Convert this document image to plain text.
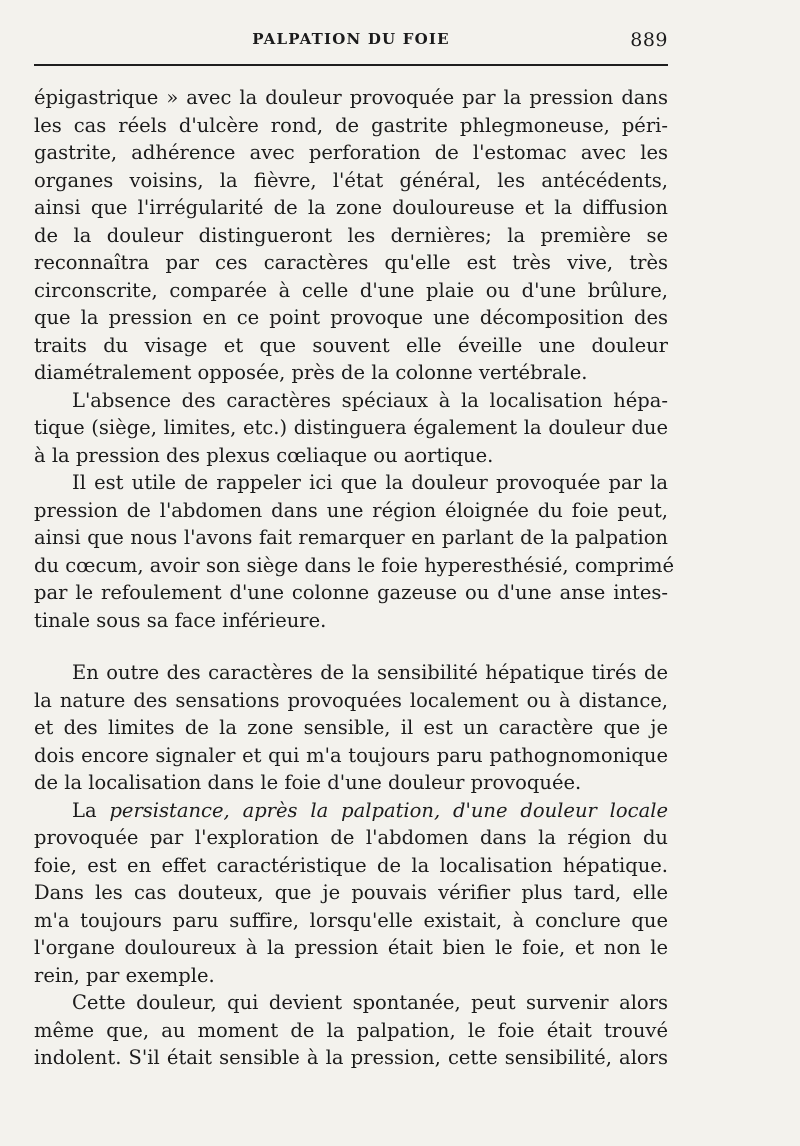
PALPATION DU FOIE	889
épigastrique » avec la douleur provoquée par la pression dans
les cas réels d'ulcère rond, de gastrite phlegmoneuse, péri-
gastrite, adhérence avec perforation de l'estomac avec les
organes voisins, la fièvre, l'état général, les antécédents,
ainsi que l'irrégularité de la zone douloureuse et la diffusion
de la douleur distingueront les dernières; la première se
reconnaîtra par ces caractères qu'elle est très vive, très
circonscrite, comparée à celle d'une plaie ou d'une brûlure,
que la pression en ce point provoque une décomposition des
traits du visage et que souvent elle éveille une douleur
diamétralement opposée, près de la colonne vertébrale.
L'absence des caractères spéciaux à la localisation hépa-
tique (siège, limites, etc.) distinguera également la douleur due
à la pression des plexus cœliaque ou aortique.
Il est utile de rappeler ici que la douleur provoquée par la
pression de l'abdomen dans une région éloignée du foie peut,
ainsi que nous l'avons fait remarquer en parlant de la palpation
du cœcum, avoir son siège dans le foie hyperesthésié, comprimé
par le refoulement d'une colonne gazeuse ou d'une anse intes-
tinale sous sa face inférieure.
En outre des caractères de la sensibilité hépatique tirés de
la nature des sensations provoquées localement ou à distance,
et des limites de la zone sensible, il est un caractère que je
dois encore signaler et qui m'a toujours paru pathognomonique
de la localisation dans le foie d'une douleur provoquée.
La persistance, après la palpation, d'une douleur locale
provoquée par l'exploration de l'abdomen dans la région du
foie, est en effet caractéristique de la localisation hépatique.
Dans les cas douteux, que je pouvais vérifier plus tard, elle
m'a toujours paru suffire, lorsqu'elle existait, à conclure que
l'organe douloureux à la pression était bien le foie, et non le
rein, par exemple.
Cette douleur, qui devient spontanée, peut survenir alors
même que, au moment de la palpation, le foie était trouvé
indolent. S'il était sensible à la pression, cette sensibilité, alors
